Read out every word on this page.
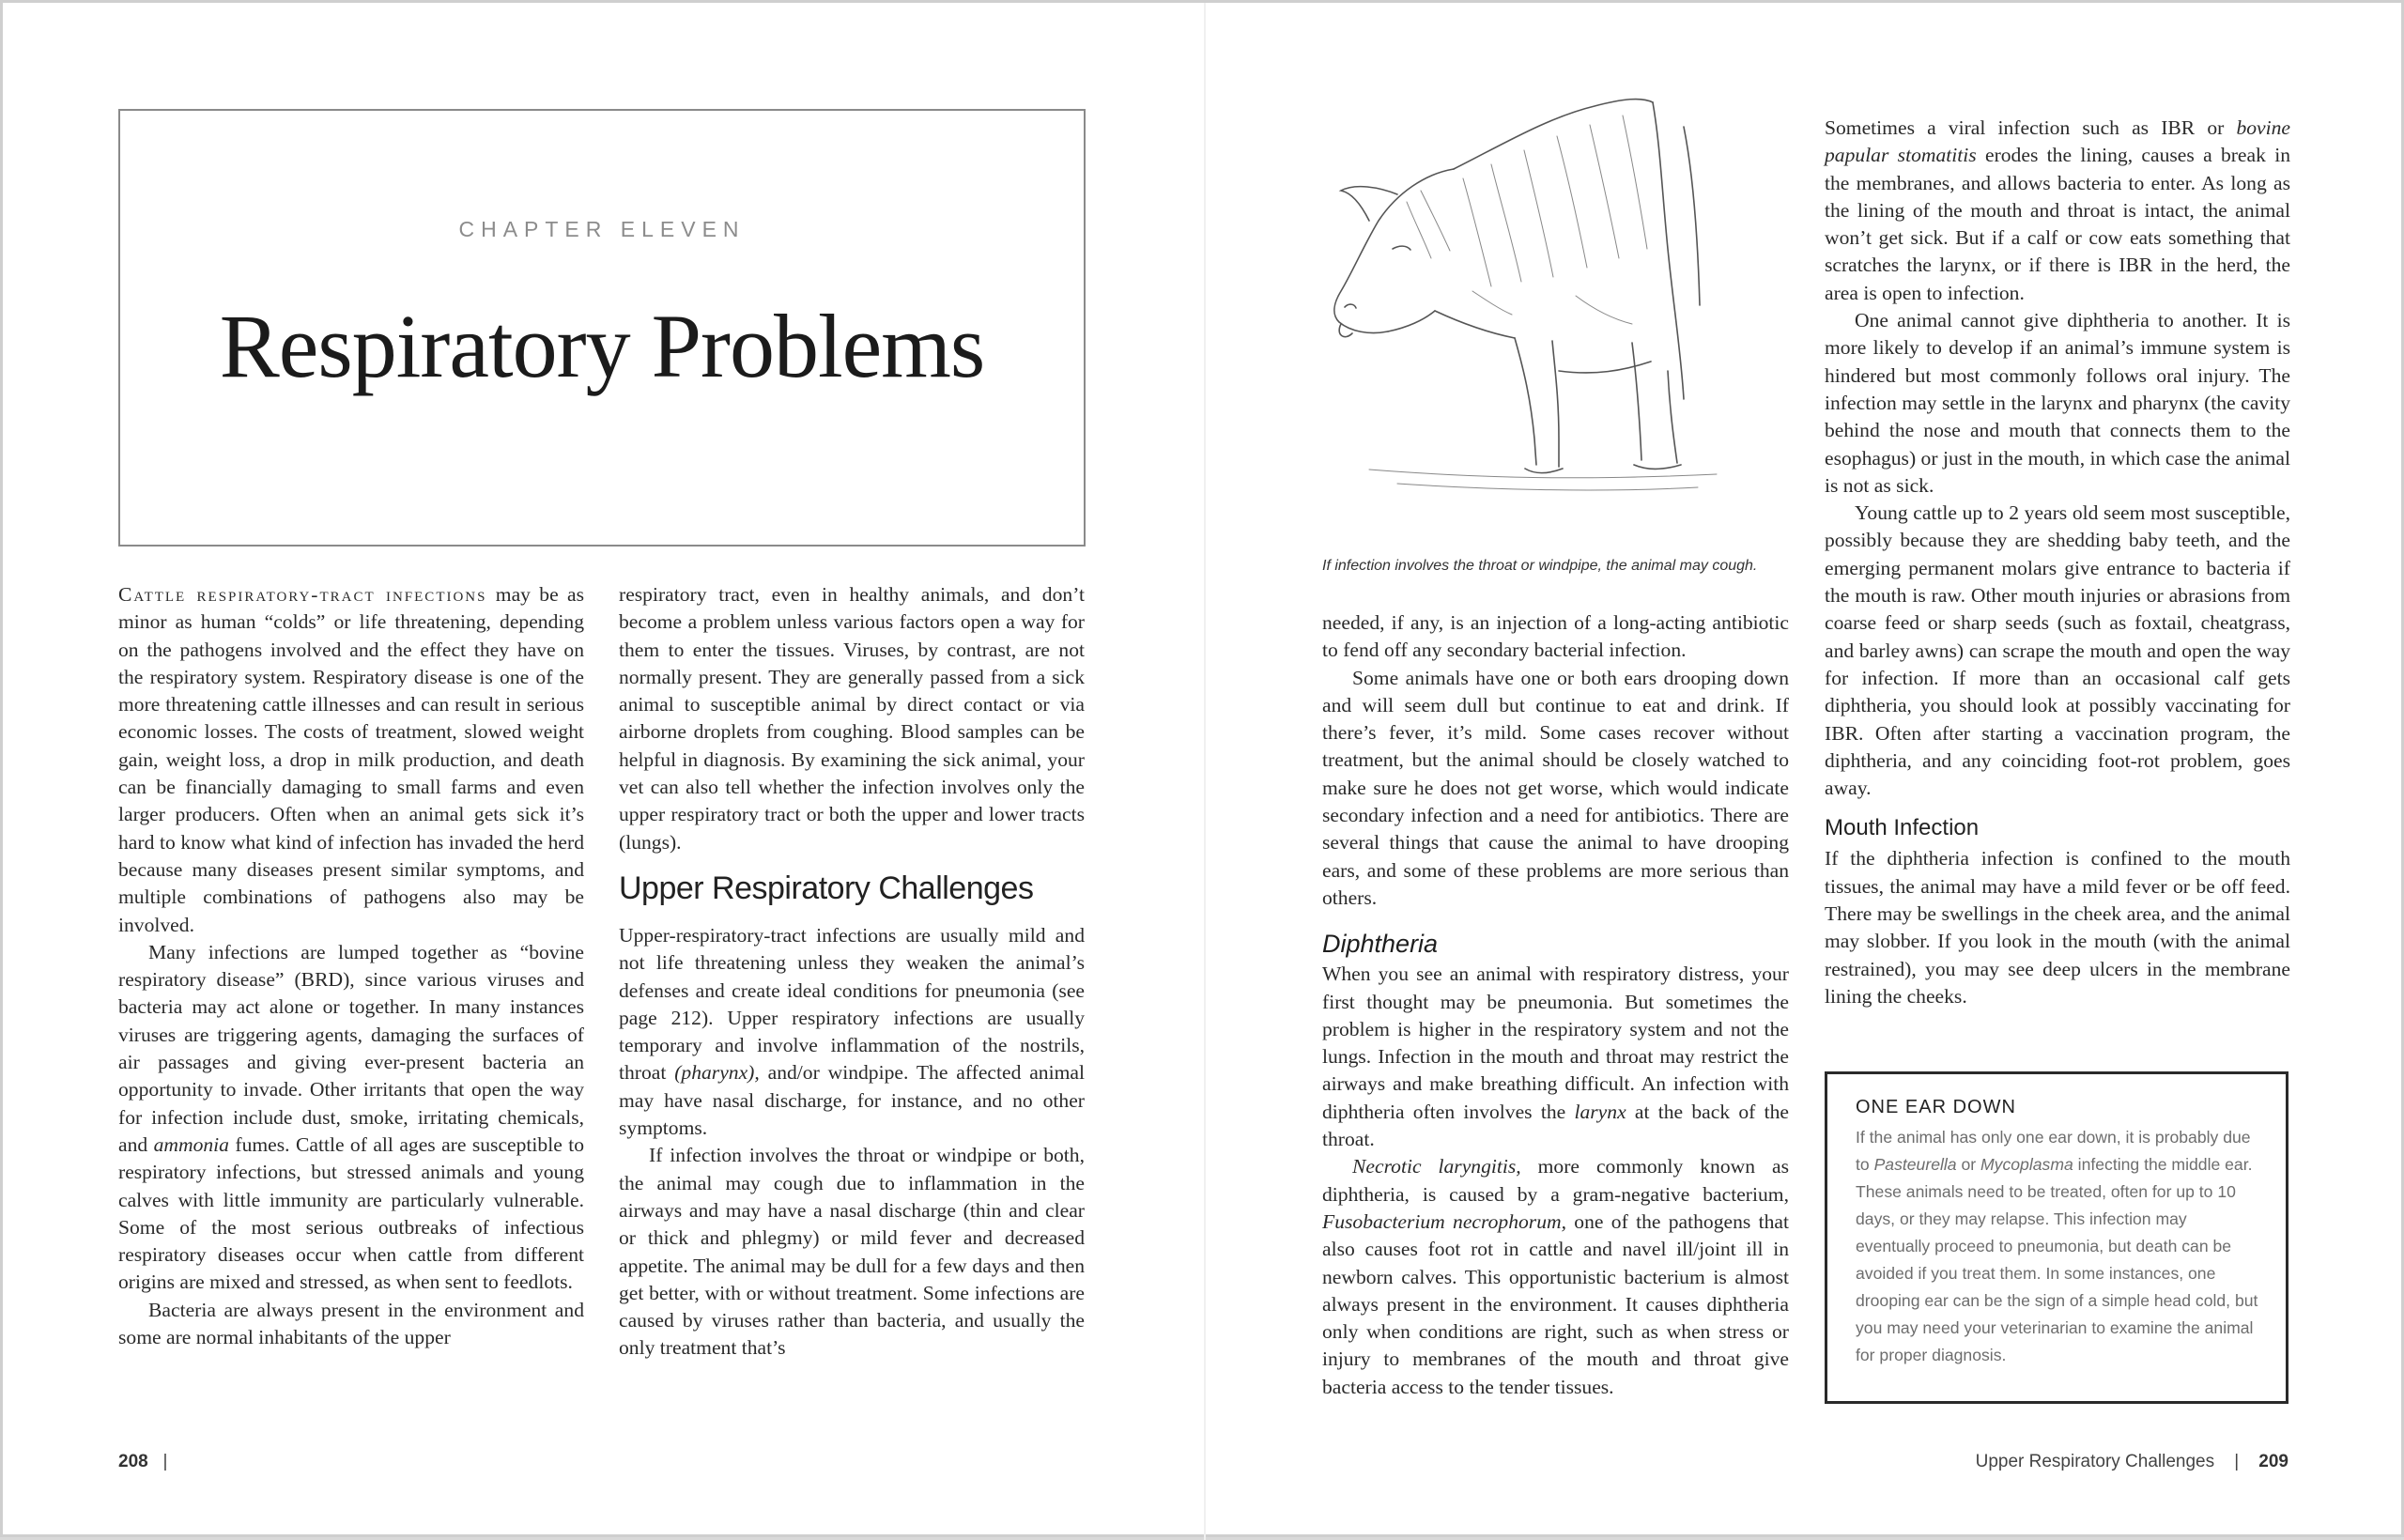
CHAPTER ELEVEN
Respiratory Problems

Cattle respiratory-tract infections may be as minor as human “colds” or life threatening, depending on the pathogens involved and the effect they have on the respiratory system. Respiratory disease is one of the more threatening cattle illnesses and can result in serious economic losses. The costs of treatment, slowed weight gain, weight loss, a drop in milk production, and death can be financially damaging to small farms and even larger producers. Often when an animal gets sick it’s hard to know what kind of infection has invaded the herd because many diseases present similar symptoms, and multiple combinations of pathogens also may be involved.

Many infections are lumped together as “bovine respiratory disease” (BRD), since various viruses and bacteria may act alone or together. In many instances viruses are triggering agents, damaging the surfaces of air passages and giving ever-present bacteria an opportunity to invade. Other irritants that open the way for infection include dust, smoke, irritating chemicals, and ammonia fumes. Cattle of all ages are susceptible to respiratory infections, but stressed animals and young calves with little immunity are particularly vulnerable. Some of the most serious outbreaks of infectious respiratory diseases occur when cattle from different origins are mixed and stressed, as when sent to feedlots.

Bacteria are always present in the environment and some are normal inhabitants of the upper

respiratory tract, even in healthy animals, and don’t become a problem unless various factors open a way for them to enter the tissues. Viruses, by contrast, are not normally present. They are generally passed from a sick animal to susceptible animal by direct contact or via airborne droplets from coughing. Blood samples can be helpful in diagnosis. By examining the sick animal, your vet can also tell whether the infection involves only the upper respiratory tract or both the upper and lower tracts (lungs).

Upper Respiratory Challenges

Upper-respiratory-tract infections are usually mild and not life threatening unless they weaken the animal’s defenses and create ideal conditions for pneumonia (see page 212). Upper respiratory infections are usually temporary and involve inflammation of the nostrils, throat (pharynx), and/or windpipe. The affected animal may have nasal discharge, for instance, and no other symptoms.

If infection involves the throat or windpipe or both, the animal may cough due to inflammation in the airways and may have a nasal discharge (thin and clear or thick and phlegmy) or mild fever and decreased appetite. The animal may be dull for a few days and then get better, with or without treatment. Some infections are caused by viruses rather than bacteria, and usually the only treatment that’s

208 |
If infection involves the throat or windpipe, the animal may cough.

needed, if any, is an injection of a long-acting antibiotic to fend off any secondary bacterial infection.

Some animals have one or both ears drooping down and will seem dull but continue to eat and drink. If there’s fever, it’s mild. Some cases recover without treatment, but the animal should be closely watched to make sure he does not get worse, which would indicate secondary infection and a need for antibiotics. There are several things that cause the animal to have drooping ears, and some of these problems are more serious than others.

Diphtheria

When you see an animal with respiratory distress, your first thought may be pneumonia. But sometimes the problem is higher in the respiratory system and not the lungs. Infection in the mouth and throat may restrict the airways and make breathing difficult. An infection with diphtheria often involves the larynx at the back of the throat.

Necrotic laryngitis, more commonly known as diphtheria, is caused by a gram-negative bacterium, Fusobacterium necrophorum, one of the pathogens that also causes foot rot in cattle and navel ill/joint ill in newborn calves. This opportunistic bacterium is almost always present in the environment. It causes diphtheria only when conditions are right, such as when stress or injury to membranes of the mouth and throat give bacteria access to the tender tissues.

Sometimes a viral infection such as IBR or bovine papular stomatitis erodes the lining, causes a break in the membranes, and allows bacteria to enter. As long as the lining of the mouth and throat is intact, the animal won’t get sick. But if a calf or cow eats something that scratches the larynx, or if there is IBR in the herd, the area is open to infection.

One animal cannot give diphtheria to another. It is more likely to develop if an animal’s immune system is hindered but most commonly follows oral injury. The infection may settle in the larynx and pharynx (the cavity behind the nose and mouth that connects them to the esophagus) or just in the mouth, in which case the animal is not as sick.

Young cattle up to 2 years old seem most susceptible, possibly because they are shedding baby teeth, and the emerging permanent molars give entrance to bacteria if the mouth is raw. Other mouth injuries or abrasions from coarse feed or sharp seeds (such as foxtail, cheatgrass, and barley awns) can scrape the mouth and open the way for infection. If more than an occasional calf gets diphtheria, you should look at possibly vaccinating for IBR. Often after starting a vaccination program, the diphtheria, and any coinciding foot-rot problem, goes away.

Mouth Infection

If the diphtheria infection is confined to the mouth tissues, the animal may have a mild fever or be off feed. There may be swellings in the cheek area, and the animal may slobber. If you look in the mouth (with the animal restrained), you may see deep ulcers in the membrane lining the cheeks.

ONE EAR DOWN
If the animal has only one ear down, it is probably due to Pasteurella or Mycoplasma infecting the middle ear. These animals need to be treated, often for up to 10 days, or they may relapse. This infection may eventually proceed to pneumonia, but death can be avoided if you treat them. In some instances, one drooping ear can be the sign of a simple head cold, but you may need your veterinarian to examine the animal for proper diagnosis.
Upper Respiratory Challenges | 209
